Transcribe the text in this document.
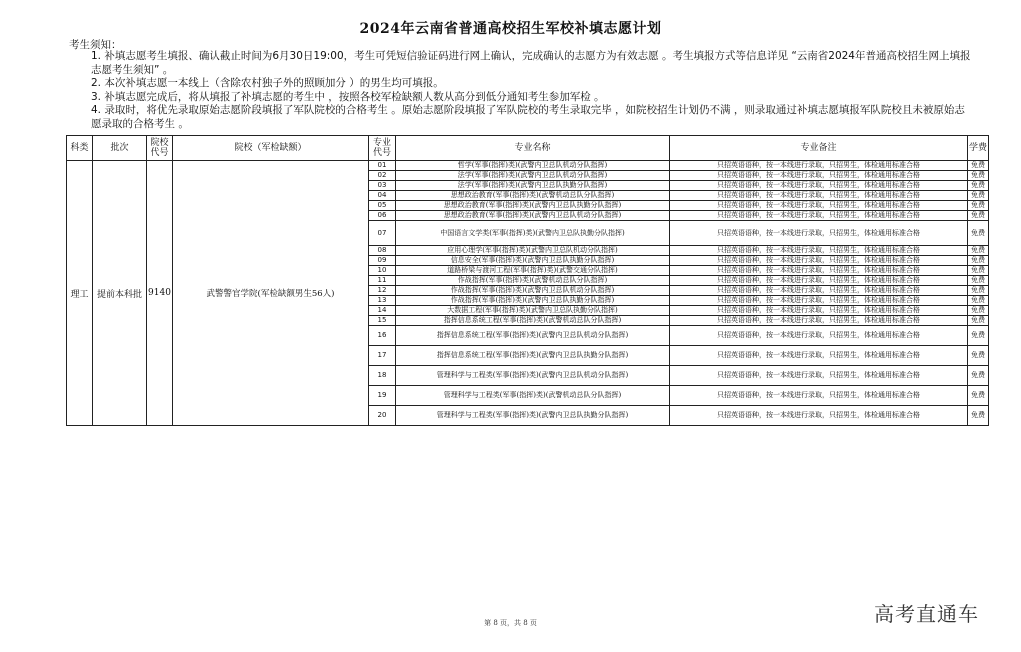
2024年云南省普通高校招生军校补填志愿计划
考生须知：

1. 补填志愿考生填报、确认截止时间为6月30日19:00，考生可凭短信验证码进行网上确认，完成确认的志愿方为有效志愿 。考生填报方式等信息详见 “云南省2024年普通高校招生网上填报志愿考生须知” 。

2. 本次补填志愿一本线上（含除农村独子外的照顾加分 ）的男生均可填报。

3. 补填志愿完成后，将从填报了补填志愿的考生中 ，按照各校军检缺额人数从高分到低分通知考生参加军检 。

4. 录取时，将优先录取原始志愿阶段填报了军队院校的合格考生 。原始志愿阶段填报了军队院校的考生录取完毕 ，如院校招生计划仍不满 ，则录取通过补填志愿填报军队院校且未被原始志愿录取的合格考生 。

科类	批次	院校代号	院校（军检缺额）	专业代号	专业名称	专业备注	学费
理工	提前本科批	9140	武警警官学院(军检缺额男生56人)	01	哲学(军事(指挥)类)(武警内卫总队机动分队指挥)	只招英语语种，按一本线进行录取，只招男生，体检通用标准合格	免费
				02	法学(军事(指挥)类)(武警内卫总队机动分队指挥)	只招英语语种，按一本线进行录取，只招男生，体检通用标准合格	免费
				03	法学(军事(指挥)类)(武警内卫总队执勤分队指挥)	只招英语语种，按一本线进行录取，只招男生，体检通用标准合格	免费
				04	思想政治教育(军事(指挥)类)(武警机动总队分队指挥)	只招英语语种，按一本线进行录取，只招男生，体检通用标准合格	免费
				05	思想政治教育(军事(指挥)类)(武警内卫总队执勤分队指挥)	只招英语语种，按一本线进行录取，只招男生，体检通用标准合格	免费
				06	思想政治教育(军事(指挥)类)(武警内卫总队机动分队指挥)	只招英语语种，按一本线进行录取，只招男生，体检通用标准合格	免费
				07	中国语言文学类(军事(指挥)类)(武警内卫总队执勤分队指挥)	只招英语语种，按一本线进行录取，只招男生，体检通用标准合格	免费
				08	应用心理学(军事(指挥)类)(武警内卫总队机动分队指挥)	只招英语语种，按一本线进行录取，只招男生，体检通用标准合格	免费
				09	信息安全(军事(指挥)类)(武警内卫总队执勤分队指挥)	只招英语语种，按一本线进行录取，只招男生，体检通用标准合格	免费
				10	道路桥梁与渡河工程(军事(指挥)类)(武警交通分队指挥)	只招英语语种，按一本线进行录取，只招男生，体检通用标准合格	免费
				11	作战指挥(军事(指挥)类)(武警机动总队分队指挥)	只招英语语种，按一本线进行录取，只招男生，体检通用标准合格	免费
				12	作战指挥(军事(指挥)类)(武警内卫总队机动分队指挥)	只招英语语种，按一本线进行录取，只招男生，体检通用标准合格	免费
				13	作战指挥(军事(指挥)类)(武警内卫总队执勤分队指挥)	只招英语语种，按一本线进行录取，只招男生，体检通用标准合格	免费
				14	大数据工程(军事(指挥)类)(武警内卫总队执勤分队指挥)	只招英语语种，按一本线进行录取，只招男生，体检通用标准合格	免费
				15	指挥信息系统工程(军事(指挥)类)(武警机动总队分队指挥)	只招英语语种，按一本线进行录取，只招男生，体检通用标准合格	免费
				16	指挥信息系统工程(军事(指挥)类)(武警内卫总队机动分队指挥)	只招英语语种，按一本线进行录取，只招男生，体检通用标准合格	免费
				17	指挥信息系统工程(军事(指挥)类)(武警内卫总队执勤分队指挥)	只招英语语种，按一本线进行录取，只招男生，体检通用标准合格	免费
				18	管理科学与工程类(军事(指挥)类)(武警内卫总队机动分队指挥)	只招英语语种，按一本线进行录取，只招男生，体检通用标准合格	免费
				19	管理科学与工程类(军事(指挥)类)(武警机动总队分队指挥)	只招英语语种，按一本线进行录取，只招男生，体检通用标准合格	免费
				20	管理科学与工程类(军事(指挥)类)(武警内卫总队执勤分队指挥)	只招英语语种，按一本线进行录取，只招男生，体检通用标准合格	免费
第 8 页，共 8 页	高考直通车
